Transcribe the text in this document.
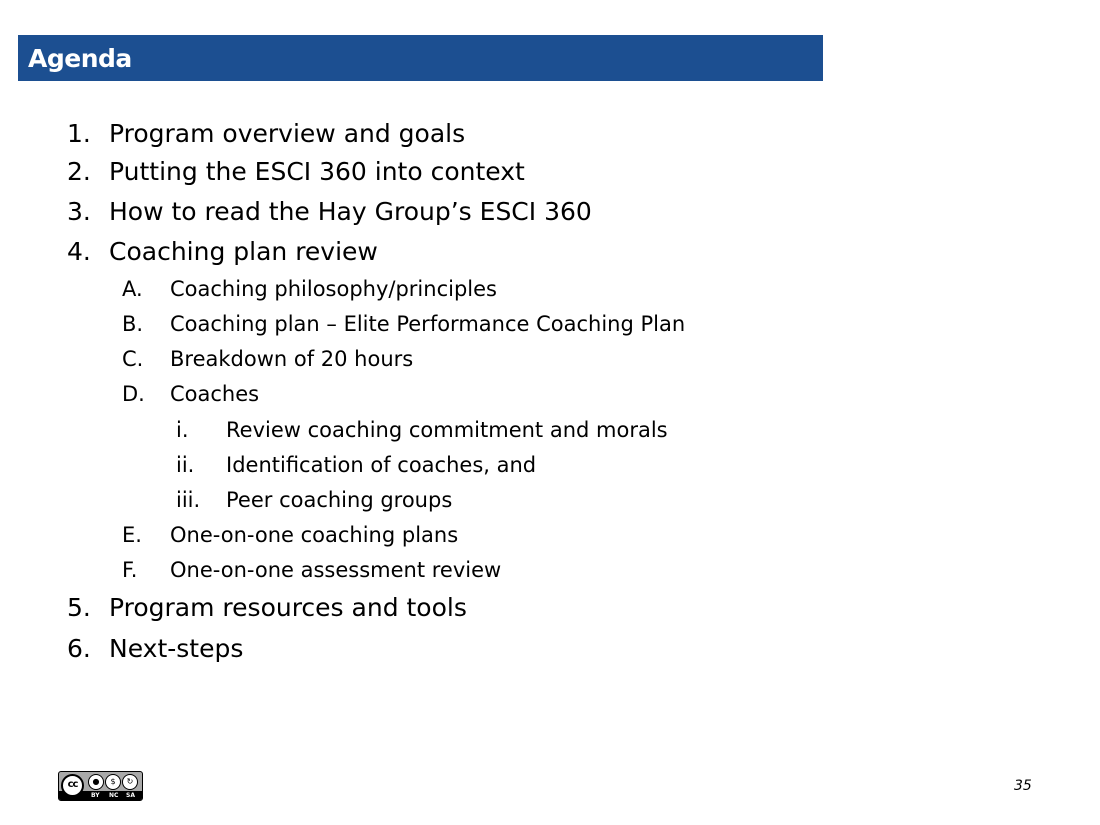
Agenda
1. Program overview and goals
2. Putting the ESCI 360 into context
3. How to read the Hay Group’s ESCI 360
4. Coaching plan review
A. Coaching philosophy/principles
B. Coaching plan – Elite Performance Coaching Plan
C. Breakdown of 20 hours
D. Coaches
i. Review coaching commitment and morals
ii. Identification of coaches, and
iii. Peer coaching groups
E. One-on-one coaching plans
F. One-on-one assessment review
5. Program resources and tools
6. Next-steps
cc	●	$	↻
BY NC SA
35
